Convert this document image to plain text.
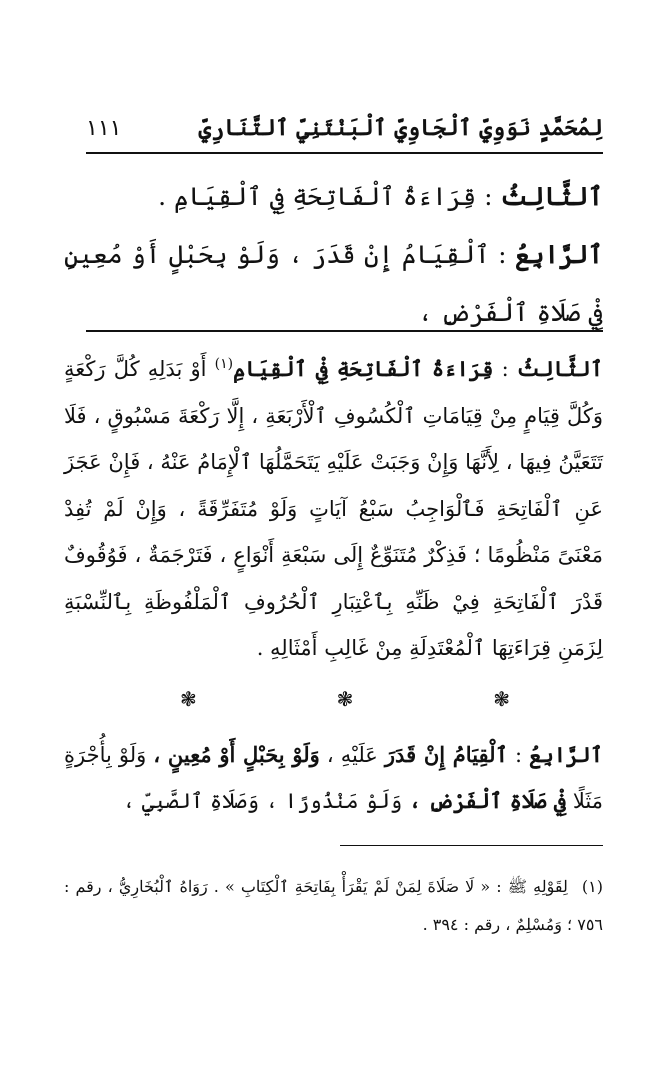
لِمُحَمَّدٍ نَوَوِيِّ ٱلْجَاوِيِّ ٱلْبَنْتَنِيِّ ٱلتَّنَارِيِّ
١١١

ٱلثَّالِثُ : قِرَاءَةُ ٱلْفَاتِحَةِ فِي ٱلْقِيَامِ .

ٱلرَّابِعُ : ٱلْقِيَامُ إِنْ قَدَرَ ، وَلَوْ بِحَبْلٍ أَوْ مُعِينٍ فِيْ صَلَاةِ ٱلْفَرْضِ ،

ٱلثَّالِثُ : قِرَاءَةُ ٱلْفَاتِحَةِ فِيْ ٱلْقِيَامِ$^{(١)}$ أَوْ بَدَلِهِ كُلَّ رَكْعَةٍ وَكُلَّ قِيَامٍ مِنْ قِيَامَاتِ ٱلْكُسُوفِ ٱلْأَرْبَعَةِ ، إِلَّا رَكْعَةَ مَسْبُوقٍ ، فَلَا تَتَعَيَّنُ فِيهَا ، لِأَنَّهَا وَإِنْ وَجَبَتْ عَلَيْهِ يَتَحَمَّلُهَا ٱلْإِمَامُ عَنْهُ ، فَإِنْ عَجَزَ عَنِ ٱلْفَاتِحَةِ فَٱلْوَاجِبُ سَبْعُ آيَاتٍ وَلَوْ مُتَفَرِّقَةً ، وَإِنْ لَمْ تُفِدْ مَعْنَىً مَنْظُومًا ؛ فَذِكْرٌ مُتَنَوِّعٌ إِلَى سَبْعَةِ أَنْوَاعٍ ، فَتَرْجَمَةٌ ، فَوُقُوفٌ قَدْرَ ٱلْفَاتِحَةِ فِيْ ظَنِّهِ بِٱعْتِبَارِ ٱلْحُرُوفِ ٱلْمَلْفُوظَةِ بِٱلنِّسْبَةِ لِزَمَنِ قِرَاءَتِهَا ٱلْمُعْتَدِلَةِ مِنْ غَالِبِ أَمْثَالِهِ .

❃
❃
❃

ٱلرَّابِعُ : ٱلْقِيَامُ إِنْ قَدَرَ عَلَيْهِ ، وَلَوْ بِحَبْلٍ أَوْ مُعِينٍ ، وَلَوْ بِأُجْرَةٍ مَثَلًا فِيْ صَلَاةِ ٱلْفَرْضِ ، وَلَوْ مَنْذُورًا ، وَصَلَاةِ ٱلصَّبِيِّ ،

(١) لِقَوْلِهِ ﷺ : « لَا صَلَاةَ لِمَنْ لَمْ يَقْرَأْ بِفَاتِحَةِ ٱلْكِتَابِ » . رَوَاهُ ٱلْبُخَارِيُّ ، رقم : ٧٥٦ ؛ وَمُسْلِمٌ ، رقم : ٣٩٤ .
